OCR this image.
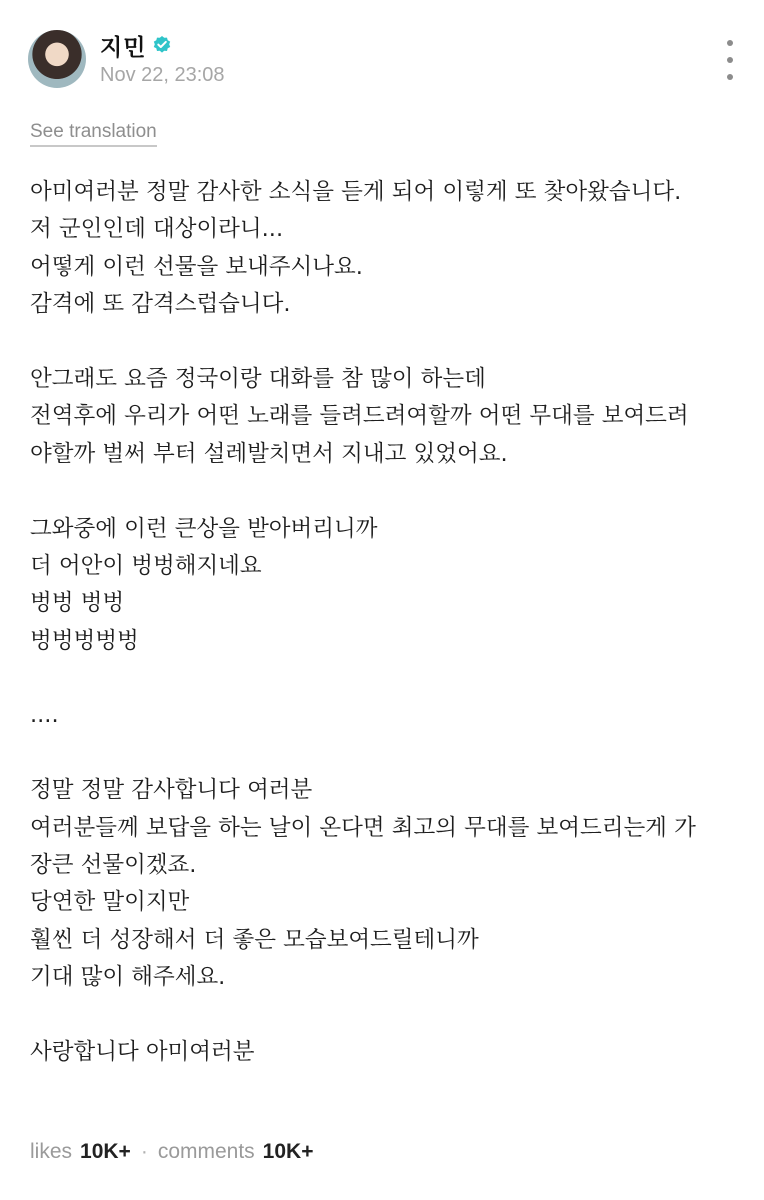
지민
Nov 22, 23:08
See translation
아미여러분 정말 감사한 소식을 듣게 되어 이렇게 또 찾아왔습니다.
저 군인인데 대상이라니...
어떻게 이런 선물을 보내주시나요.
감격에 또 감격스럽습니다.
안그래도 요즘 정국이랑 대화를 참 많이 하는데
전역후에 우리가 어떤 노래를 들려드려여할까 어떤 무대를 보여드려
야할까 벌써 부터 설레발치면서 지내고 있었어요.
그와중에 이런 큰상을 받아버리니까
더 어안이 벙벙해지네요
벙벙 벙벙
벙벙벙벙벙
....
정말 정말 감사합니다 여러분
여러분들께 보답을 하는 날이 온다면 최고의 무대를 보여드리는게 가
장큰 선물이겠죠.
당연한 말이지만
훨씬 더 성장해서 더 좋은 모습보여드릴테니까
기대 많이 해주세요.
사랑합니다 아미여러분
likes 10K+ · comments 10K+
